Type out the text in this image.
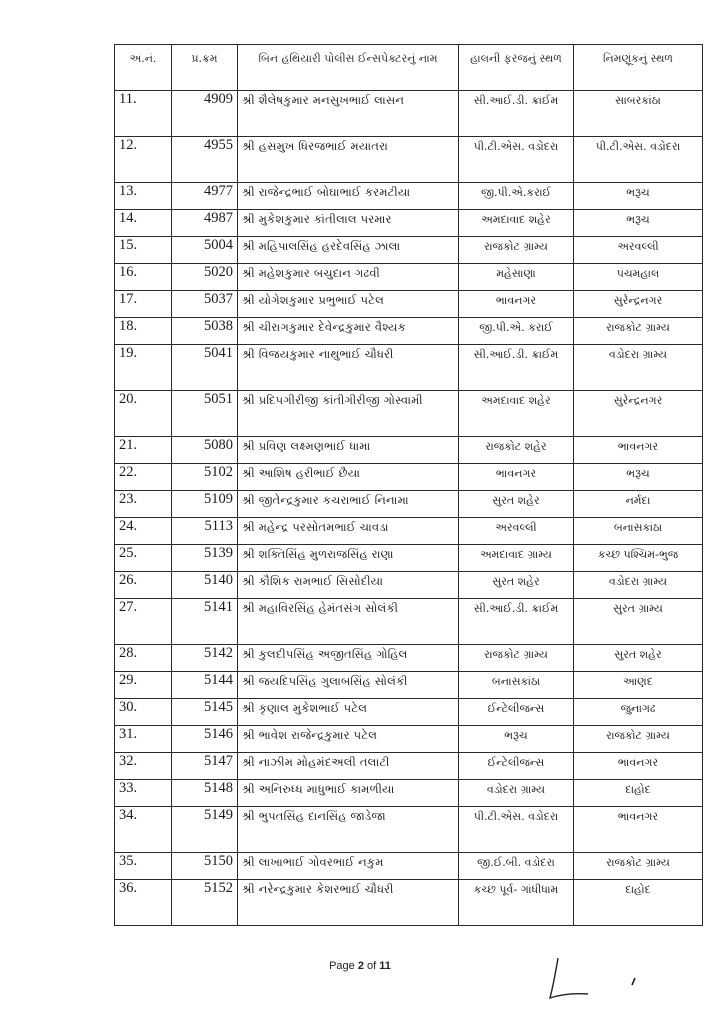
અ.નં.	પ્ર.ક્રમ	બિન હથિયારી પોલીસ ઈન્સપેક્ટરનું નામ	હાલની ફરજનું સ્થળ	નિમણૂંકનું સ્થળ
11.	4909	શ્રી શૈલેષકુમાર મનસુખભાઈ લાસન	સી.આઈ.ડી. ક્રાઈમ	સાબરકાંઠા
12.	4955	શ્રી હસમુખ ધિરજભાઈ મયાતરા	પી.ટી.એસ. વડોદરા	પી.ટી.એસ. વડોદરા
13.	4977	શ્રી રાજેન્દ્રભાઈ બોઘાભાઈ કરમટીયા	જી.પી.એ.કરાઈ	ભરૂચ
14.	4987	શ્રી મુકેશકુમાર કાંતીલાલ પરમાર	અમદાવાદ શહેર	ભરૂચ
15.	5004	શ્રી મહિપાલસિંહ હરદેવસિંહ ઝાલા	રાજકોટ ગ્રામ્ય	અરવલ્લી
16.	5020	શ્રી મહેશકુમાર બચુદાન ગઢવી	મહેસાણા	પંચમહાલ
17.	5037	શ્રી યોગેશકુમાર પ્રભુભાઈ પટેલ	ભાવનગર	સુરેન્દ્રનગર
18.	5038	શ્રી ચીરાગકુમાર દેવેન્દ્રકુમાર વૈશ્યક	જી.પી.એ. કરાઈ	રાજકોટ ગ્રામ્ય
19.	5041	શ્રી વિજયકુમાર નાથુભાઈ ચૌધરી	સી.આઈ.ડી. ક્રાઈમ	વડોદરા ગ્રામ્ય
20.	5051	શ્રી પ્રદિપગીરીજી કાંતીગીરીજી ગોસ્વામી	અમદાવાદ શહેર	સુરેન્દ્રનગર
21.	5080	શ્રી પ્રવિણ લક્ષ્મણભાઈ ધામા	રાજકોટ શહેર	ભાવનગર
22.	5102	શ્રી આશિષ હરીભાઈ છૈયા	ભાવનગર	ભરૂચ
23.	5109	શ્રી જીતેન્દ્રકુમાર કચરાભાઈ નિનામા	સુરત શહેર	નર્મદા
24.	5113	શ્રી મહેન્દ્ર પરસોતમભાઈ ચાવડા	અરવલ્લી	બનાસકાંઠા
25.	5139	શ્રી શક્તિસિંહ મુળરાજસિંહ રાણા	અમદાવાદ ગ્રામ્ય	કચ્છ પશ્ચિમ-ભુજ
26.	5140	શ્રી કૌશિક રામભાઈ સિસોદીયા	સુરત શહેર	વડોદરા ગ્રામ્ય
27.	5141	શ્રી મહાવિરસિંહ હેમંતસંગ સોલંકી	સી.આઈ.ડી. ક્રાઈમ	સુરત ગ્રામ્ય
28.	5142	શ્રી કુલદીપસિંહ અજીતસિંહ ગોહિલ	રાજકોટ ગ્રામ્ય	સુરત શહેર
29.	5144	શ્રી જયદિપસિંહ ગુલાબસિંહ સોલંકી	બનાસકાંઠા	આણંદ
30.	5145	શ્રી કૃણાલ મુકેશભાઈ પટેલ	ઈન્ટેલીજન્સ	જુનાગઢ
31.	5146	શ્રી ભાવેશ રાજેન્દ્રકુમાર પટેલ	ભરૂચ	રાજકોટ ગ્રામ્ય
32.	5147	શ્રી નાઝીમ મોહમંદઅલી તલાટી	ઈન્ટેલીજન્સ	ભાવનગર
33.	5148	શ્રી અનિરુધ્ધ માધુભાઈ કામળીયા	વડોદરા ગ્રામ્ય	દાહોદ
34.	5149	શ્રી ભુપતસિંહ દાનસિંહ જાડેજા	પી.ટી.એસ. વડોદરા	ભાવનગર
35.	5150	શ્રી લાખાભાઈ ગોવરભાઈ નકુમ	જી.ઈ.બી. વડોદરા	રાજકોટ ગ્રામ્ય
36.	5152	શ્રી નરેન્દ્રકુમાર કેશરભાઈ ચૌધરી	કચ્છ પૂર્વ- ગાંધીધામ	દાહોદ
Page 2 of 11
